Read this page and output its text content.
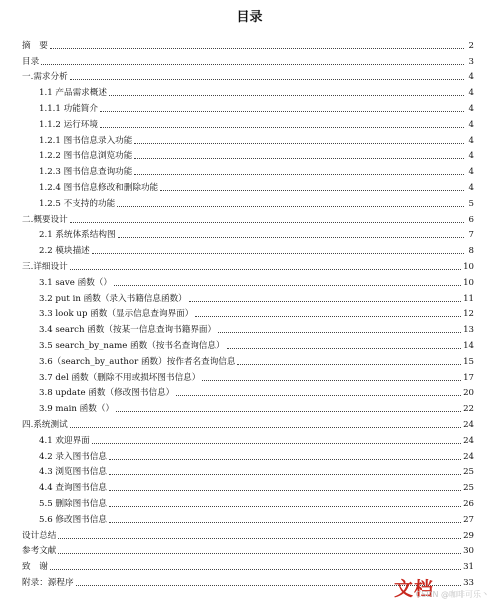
目录
摘　要	2
目录	3
一.需求分析	4
1.1 产品需求概述	4
1.1.1 功能简介	4
1.1.2 运行环境	4
1.2.1 图书信息录入功能	4
1.2.2 图书信息浏览功能	4
1.2.3 图书信息查询功能	4
1.2.4 图书信息修改和删除功能	4
1.2.5 不支持的功能	5
二.概要设计	6
2.1 系统体系结构图	7
2.2 模块描述	8
三.详细设计	10
3.1 save 函数（）	10
3.2 put in 函数（录入书籍信息函数）	11
3.3 look up 函数（显示信息查询界面）	12
3.4 search 函数（按某一信息查询书籍界面）	13
3.5 search_by_name 函数（按书名查询信息）	14
3.6（search_by_author 函数）按作者名查询信息	15
3.7 del 函数（删除不用或损坏图书信息）	17
3.8 update 函数（修改图书信息）	20
3.9 main 函数（）	22
四.系统测试	24
4.1 欢迎界面	24
4.2 录入图书信息	24
4.3 浏览图书信息	25
4.4 查询图书信息	25
5.5 删除图书信息	26
5.6 修改图书信息	27
设计总结	29
参考文献	30
致　谢	31
附录：源程序	33
文档
CSDN @咖啡可乐丶
